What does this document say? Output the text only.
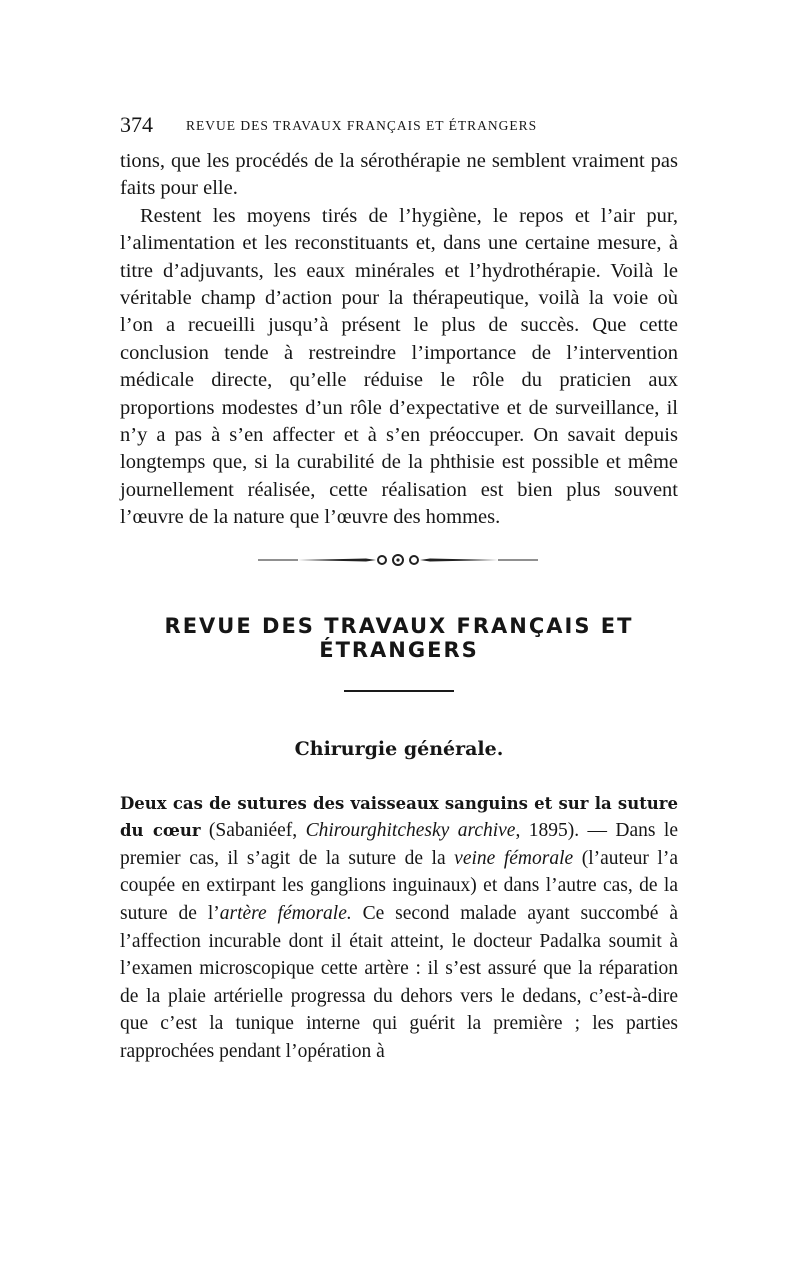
374 REVUE DES TRAVAUX FRANÇAIS ET ÉTRANGERS

tions, que les procédés de la sérothérapie ne semblent vraiment pas faits pour elle.

Restent les moyens tirés de l’hygiène, le repos et l’air pur, l’alimentation et les reconstituants et, dans une certaine mesure, à titre d’adjuvants, les eaux minérales et l’hydrothérapie. Voilà le véritable champ d’action pour la thérapeutique, voilà la voie où l’on a recueilli jusqu’à présent le plus de succès. Que cette conclusion tende à restreindre l’importance de l’intervention médicale directe, qu’elle réduise le rôle du praticien aux proportions modestes d’un rôle d’expectative et de surveillance, il n’y a pas à s’en affecter et à s’en préoccuper. On savait depuis longtemps que, si la curabilité de la phthisie est possible et même journellement réalisée, cette réalisation est bien plus souvent l’œuvre de la nature que l’œuvre des hommes.

REVUE DES TRAVAUX FRANÇAIS ET ÉTRANGERS
Chirurgie générale.

Deux cas de sutures des vaisseaux sanguins et sur la suture du cœur (Sabaniéef, Chirourghitchesky archive, 1895). — Dans le premier cas, il s’agit de la suture de la veine fémorale (l’auteur l’a coupée en extirpant les ganglions inguinaux) et dans l’autre cas, de la suture de l’artère fémorale. Ce second malade ayant succombé à l’affection incurable dont il était atteint, le docteur Padalka soumit à l’examen microscopique cette artère : il s’est assuré que la réparation de la plaie artérielle progressa du dehors vers le dedans, c’est-à-dire que c’est la tunique interne qui guérit la première ; les parties rapprochées pendant l’opération à
